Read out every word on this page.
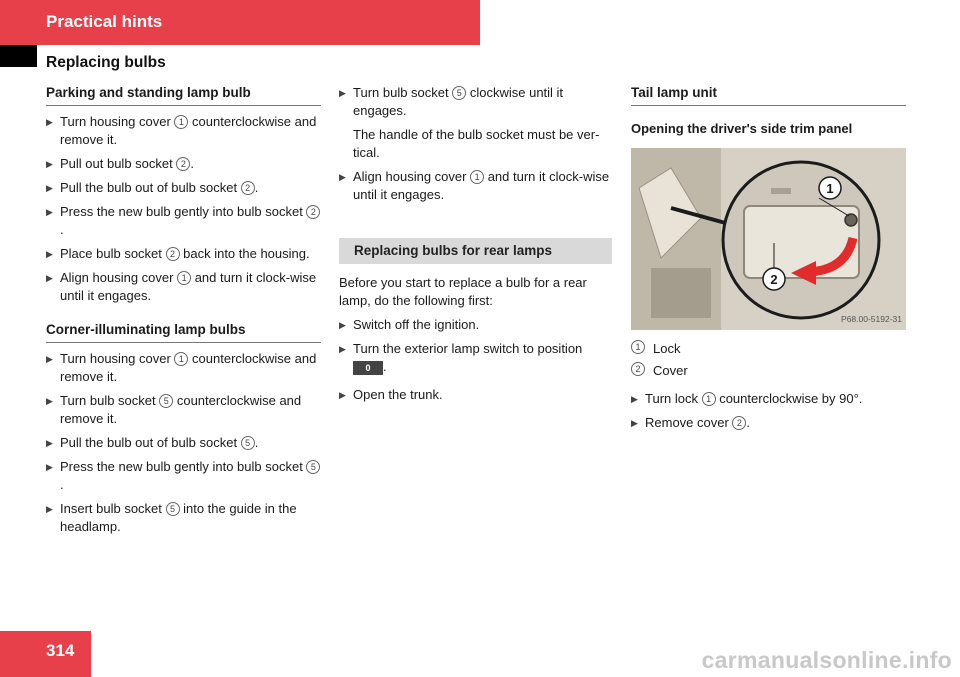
Practical hints
Replacing bulbs
Parking and standing lamp bulb
▶ Turn housing cover 1 counterclockwise and remove it.
▶ Pull out bulb socket 2 .
▶ Pull the bulb out of bulb socket 2 .
▶ Press the new bulb gently into bulb socket 2.
▶ Place bulb socket 2 back into the housing.
▶ Align housing cover 1 and turn it clock-wise until it engages.
Corner-illuminating lamp bulbs
▶ Turn housing cover 1 counterclockwise and remove it.
▶ Turn bulb socket 5 counterclockwise and remove it.
▶ Pull the bulb out of bulb socket 5 .
▶ Press the new bulb gently into bulb socket 5.
▶ Insert bulb socket 5 into the guide in the headlamp.
▶ Turn bulb socket 5 clockwise until it engages.
The handle of the bulb socket must be ver-tical.
▶ Align housing cover 1 and turn it clock-wise until it engages.
Replacing bulbs for rear lamps
Before you start to replace a bulb for a rear lamp, do the following first:
▶ Switch off the ignition.
▶ Turn the exterior lamp switch to position
0 .
▶ Open the trunk.
Tail lamp unit
Opening the driver's side trim panel
1
2
P68.00-5192-31
1 Lock
2 Cover
▶ Turn lock 1 counterclockwise by 90°.
▶ Remove cover 2 .
314	carmanualsonline.info
